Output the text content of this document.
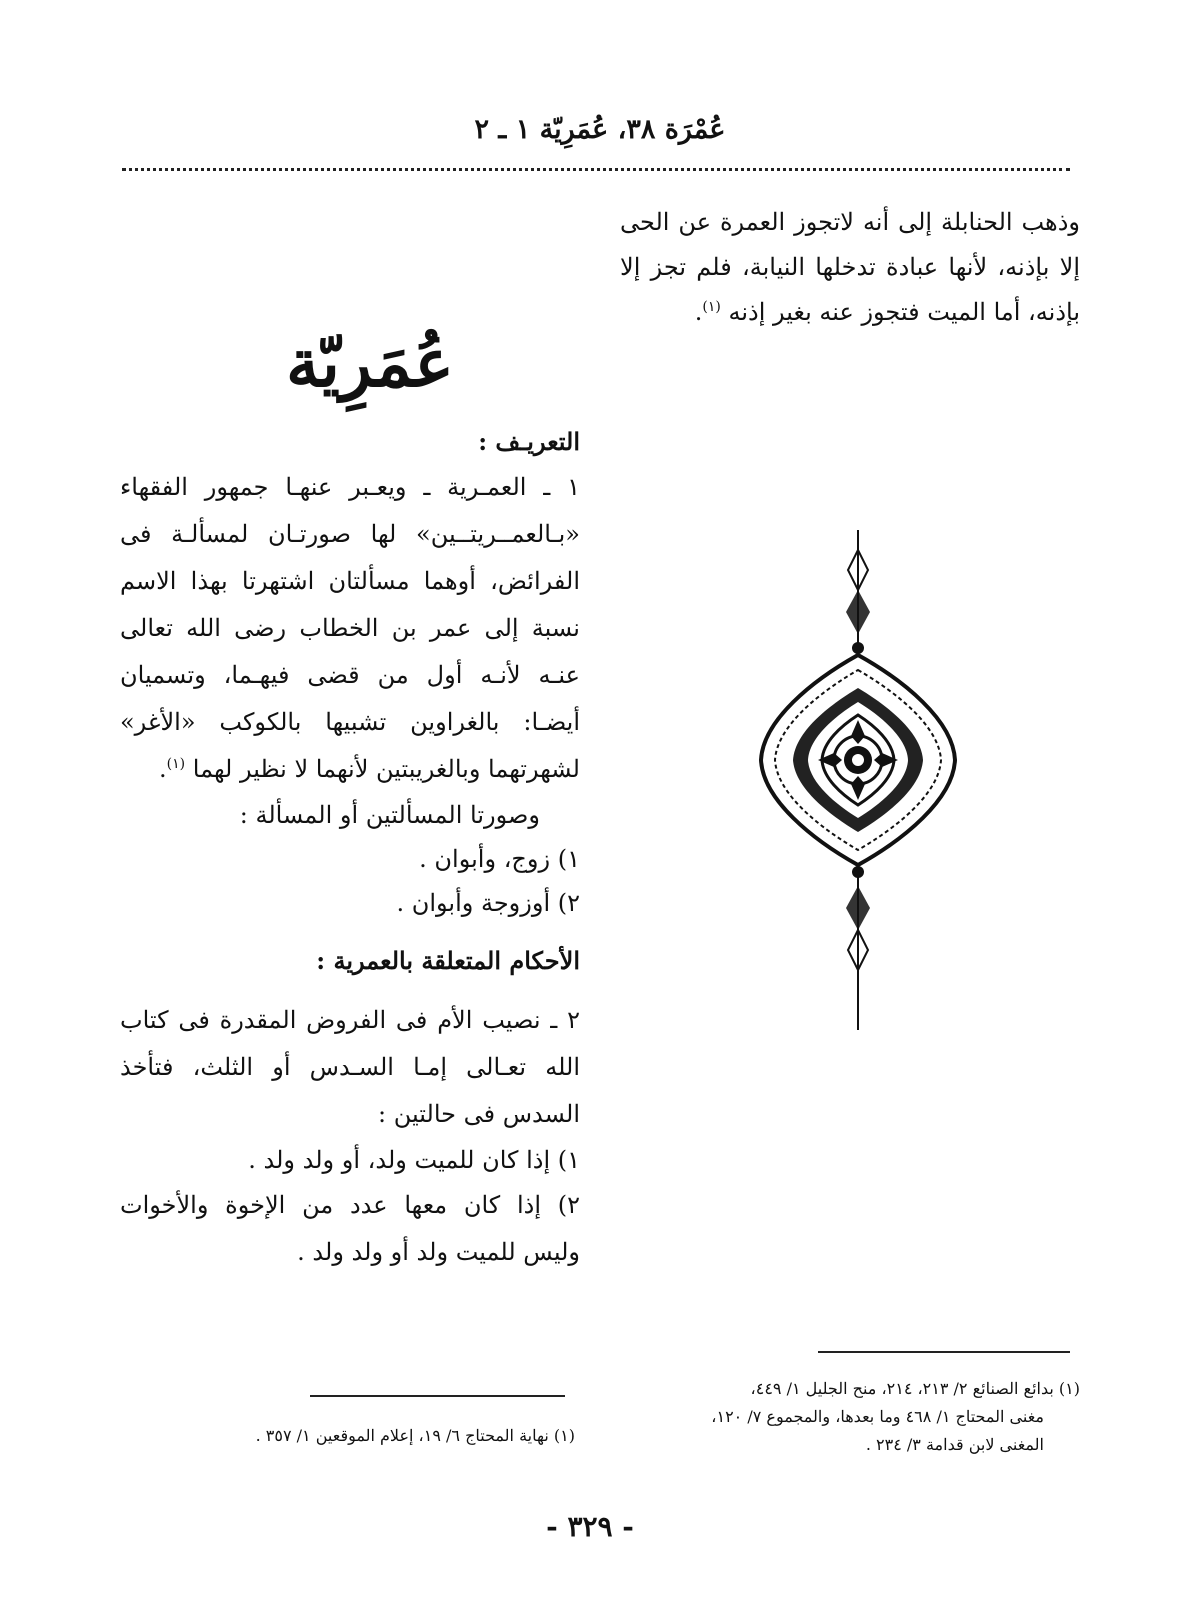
عُمْرَة ٣٨، عُمَرِيّة ١ ـ ٢
وذهب الحنابلة إلى أنه لاتجوز العمرة عن الحى إلا بإذنه، لأنها عبادة تدخلها النيابة، فلم تجز إلا بإذنه، أما الميت فتجوز عنه بغير إذنه $^{(١)}$.
عُمَرِيّة
التعريـف :
١ ـ العمـرية ـ ويعـبر عنهـا جمهور الفقهاء «بـالعمــريتــين» لها صورتـان لمسألـة فى الفرائض، أوهما مسألتان اشتهرتا بهذا الاسم نسبة إلى عمر بن الخطاب رضى الله تعالى عنـه لأنـه أول من قضى فيهـما، وتسميان أيضـا: بالغراوين تشبيها بالكوكب «الأغر» لشهرتهما وبالغريبتين لأنهما لا نظير لهما $^{(١)}$.
وصورتا المسألتين أو المسألة :
١) زوج، وأبوان .
٢) أوزوجة وأبوان .
الأحكام المتعلقة بالعمرية :
٢ ـ نصيب الأم فى الفروض المقدرة فى كتاب الله تعـالى إمـا السـدس أو الثلث، فتأخذ السدس فى حالتين :
١) إذا كان للميت ولد، أو ولد ولد .
٢) إذا كان معها عدد من الإخوة والأخوات وليس للميت ولد أو ولد ولد .
(١) نهاية المحتاج ٦/ ١٩، إعلام الموقعين ١/ ٣٥٧ .
(١) بدائع الصنائع ٢/ ٢١٣، ٢١٤، منح الجليل ١/ ٤٤٩،
مغنى المحتاج ١/ ٤٦٨ وما بعدها، والمجموع ٧/ ١٢٠،
المغنى لابن قدامة ٣/ ٢٣٤ .
- ٣٢٩ -
